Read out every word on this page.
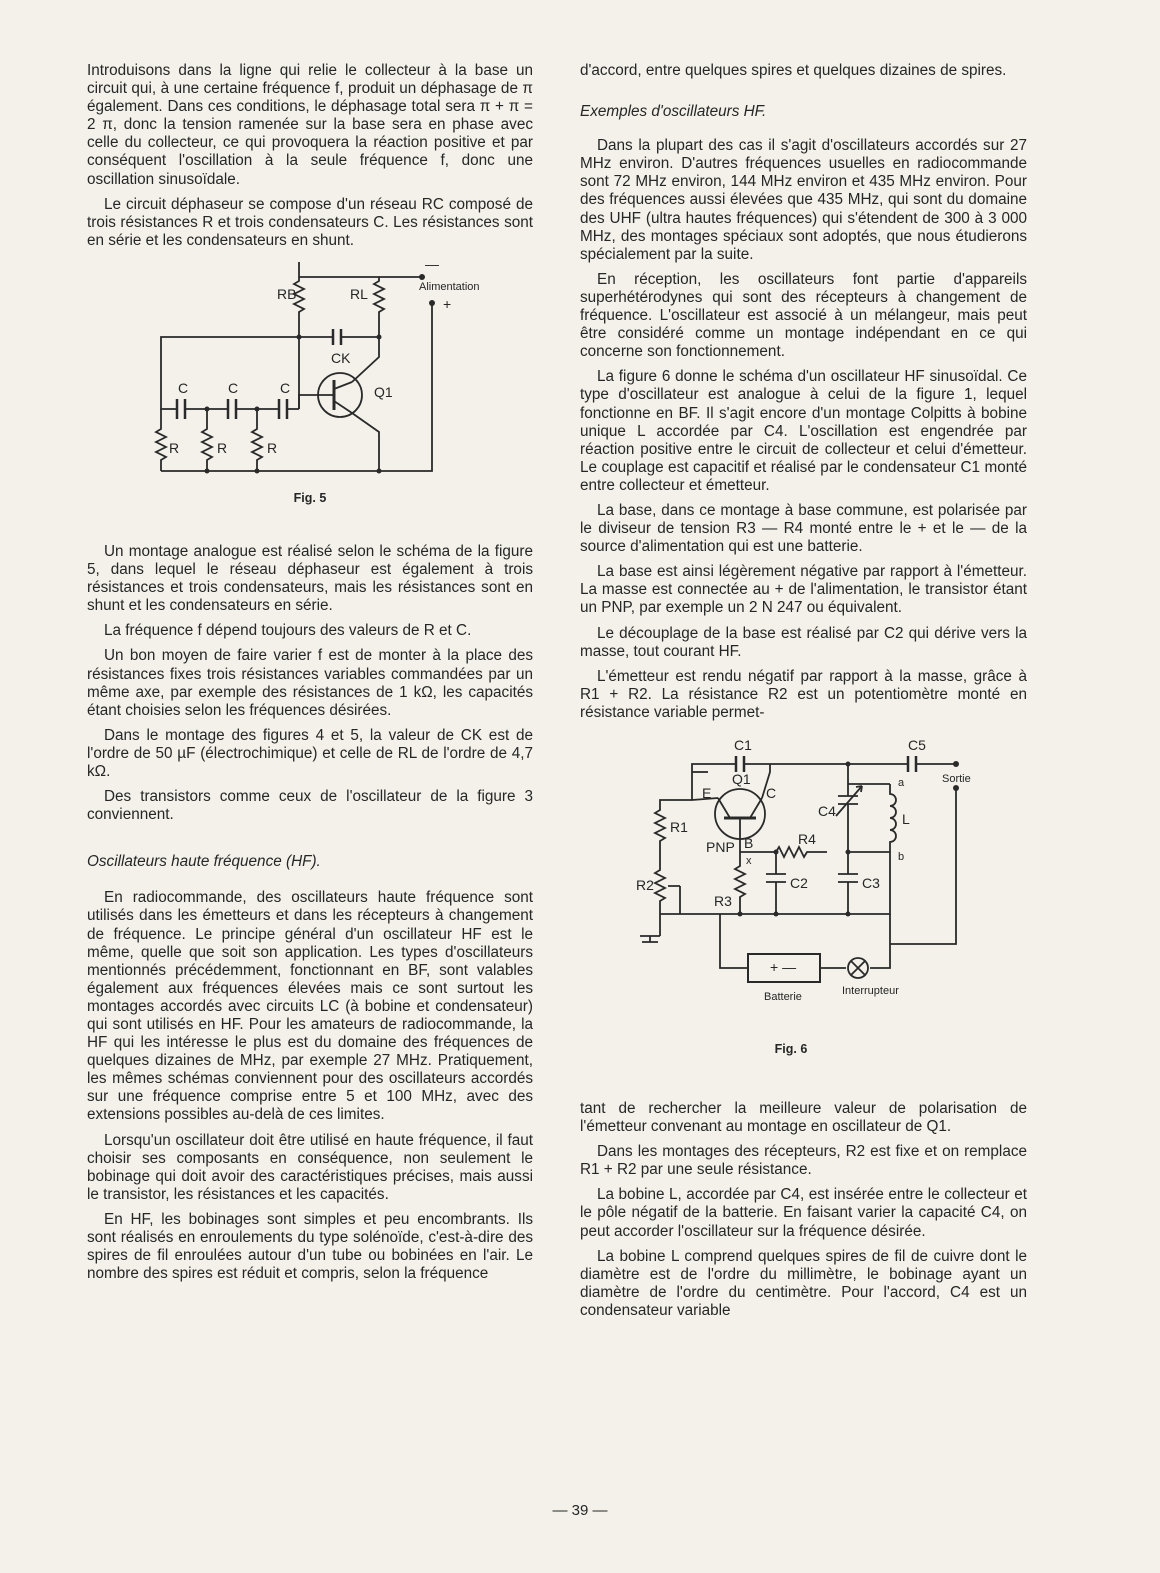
Introduisons dans la ligne qui relie le collecteur à la base un circuit qui, à une certaine fréquence f, produit un déphasage de π également. Dans ces conditions, le déphasage total sera π + π = 2 π, donc la tension ramenée sur la base sera en phase avec celle du collecteur, ce qui provoquera la réaction positive et par conséquent l'oscillation à la seule fréquence f, donc une oscillation sinusoïdale.

Le circuit déphaseur se compose d'un réseau RC composé de trois résistances R et trois condensateurs C. Les résistances sont en série et les condensateurs en shunt.

—
Alimentation
+
RB	RL
CK
Q1
C	C	C
R	R	R
Fig. 5

Un montage analogue est réalisé selon le schéma de la figure 5, dans lequel le réseau déphaseur est également à trois résistances et trois condensateurs, mais les résistances sont en shunt et les condensateurs en série.

La fréquence f dépend toujours des valeurs de R et C.

Un bon moyen de faire varier f est de monter à la place des résistances fixes trois résistances variables commandées par un même axe, par exemple des résistances de 1 kΩ, les capacités étant choisies selon les fréquences désirées.

Dans le montage des figures 4 et 5, la valeur de CK est de l'ordre de 50 µF (électrochimique) et celle de RL de l'ordre de 4,7 kΩ.

Des transistors comme ceux de l'oscillateur de la figure 3 conviennent.

Oscillateurs haute fréquence (HF).

En radiocommande, des oscillateurs haute fréquence sont utilisés dans les émetteurs et dans les récepteurs à changement de fréquence. Le principe général d'un oscillateur HF est le même, quelle que soit son application. Les types d'oscillateurs mentionnés précédemment, fonctionnant en BF, sont valables également aux fréquences élevées mais ce sont surtout les montages accordés avec circuits LC (à bobine et condensateur) qui sont utilisés en HF. Pour les amateurs de radiocommande, la HF qui les intéresse le plus est du domaine des fréquences de quelques dizaines de MHz, par exemple 27 MHz. Pratiquement, les mêmes schémas conviennent pour des oscillateurs accordés sur une fréquence comprise entre 5 et 100 MHz, avec des extensions possibles au-delà de ces limites.

Lorsqu'un oscillateur doit être utilisé en haute fréquence, il faut choisir ses composants en conséquence, non seulement le bobinage qui doit avoir des caractéristiques précises, mais aussi le transistor, les résistances et les capacités.

En HF, les bobinages sont simples et peu encombrants. Ils sont réalisés en enroulements du type solénoïde, c'est-à-dire des spires de fil enroulées autour d'un tube ou bobinées en l'air. Le nombre des spires est réduit et compris, selon la fréquence

d'accord, entre quelques spires et quelques dizaines de spires.

Exemples d'oscillateurs HF.

Dans la plupart des cas il s'agit d'oscillateurs accordés sur 27 MHz environ. D'autres fréquences usuelles en radiocommande sont 72 MHz environ, 144 MHz environ et 435 MHz environ. Pour des fréquences aussi élevées que 435 MHz, qui sont du domaine des UHF (ultra hautes fréquences) qui s'étendent de 300 à 3 000 MHz, des montages spéciaux sont adoptés, que nous étudierons spécialement par la suite.

En réception, les oscillateurs font partie d'appareils superhétérodynes qui sont des récepteurs à changement de fréquence. L'oscillateur est associé à un mélangeur, mais peut être considéré comme un montage indépendant en ce qui concerne son fonctionnement.

La figure 6 donne le schéma d'un oscillateur HF sinusoïdal. Ce type d'oscillateur est analogue à celui de la figure 1, lequel fonctionne en BF. Il s'agit encore d'un montage Colpitts à bobine unique L accordée par C4. L'oscillation est engendrée par réaction positive entre le circuit de collecteur et celui d'émetteur. Le couplage est capacitif et réalisé par le condensateur C1 monté entre collecteur et émetteur.

La base, dans ce montage à base commune, est polarisée par le diviseur de tension R3 — R4 monté entre le + et le — de la source d'alimentation qui est une batterie.

La base est ainsi légèrement négative par rapport à l'émetteur. La masse est connectée au + de l'alimentation, le transistor étant un PNP, par exemple un 2 N 247 ou équivalent.

Le découplage de la base est réalisé par C2 qui dérive vers la masse, tout courant HF.

L'émetteur est rendu négatif par rapport à la masse, grâce à R1 + R2. La résistance R2 est un potentiomètre monté en résistance variable permet-

C1	C5
Sortie
Q1
E	C
PNP B
x
R1
R2
R3
R4
C2	C3
C4	L
a
b
+ —
Batterie	Interrupteur
Fig. 6

tant de rechercher la meilleure valeur de polarisation de l'émetteur convenant au montage en oscillateur de Q1.

Dans les montages des récepteurs, R2 est fixe et on remplace R1 + R2 par une seule résistance.

La bobine L, accordée par C4, est insérée entre le collecteur et le pôle négatif de la batterie. En faisant varier la capacité C4, on peut accorder l'oscillateur sur la fréquence désirée.

La bobine L comprend quelques spires de fil de cuivre dont le diamètre est de l'ordre du millimètre, le bobinage ayant un diamètre de l'ordre du centimètre. Pour l'accord, C4 est un condensateur variable

— 39 —
